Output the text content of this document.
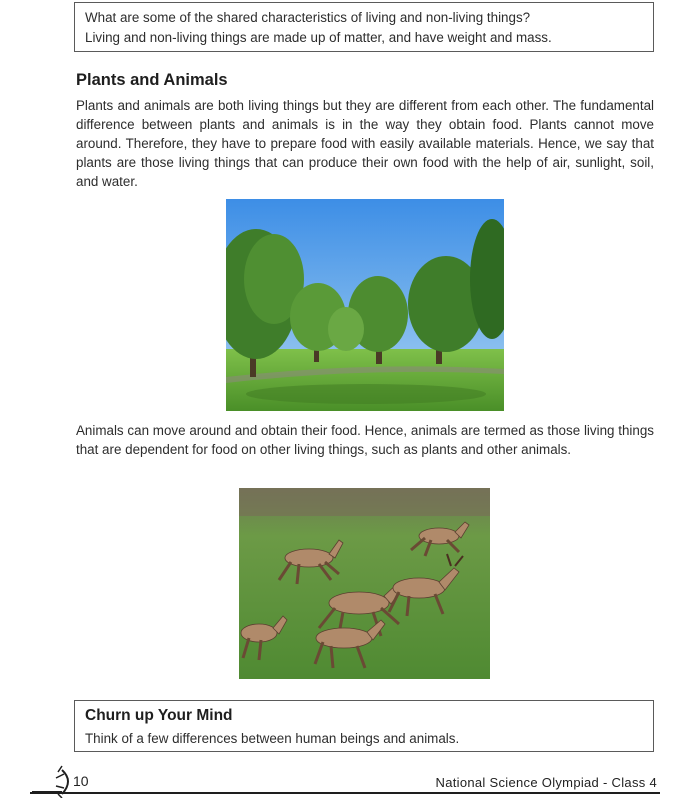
What are some of the shared characteristics of living and non-living things?

Living and non-living things are made up of matter, and have weight and mass.

Plants and Animals

Plants and animals are both living things but they are different from each other. The fundamental difference between plants and animals is in the way they obtain food. Plants cannot move around. Therefore, they have to prepare food with easily available materials. Hence, we say that plants are those living things that can produce their own food with the help of air, sunlight, soil, and water.

Animals can move around and obtain their food. Hence, animals are termed as those living things that are dependent for food on other living things, such as plants and other animals.

Churn up Your Mind

Think of a few differences between human beings and animals.

10	National Science Olympiad - Class 4
